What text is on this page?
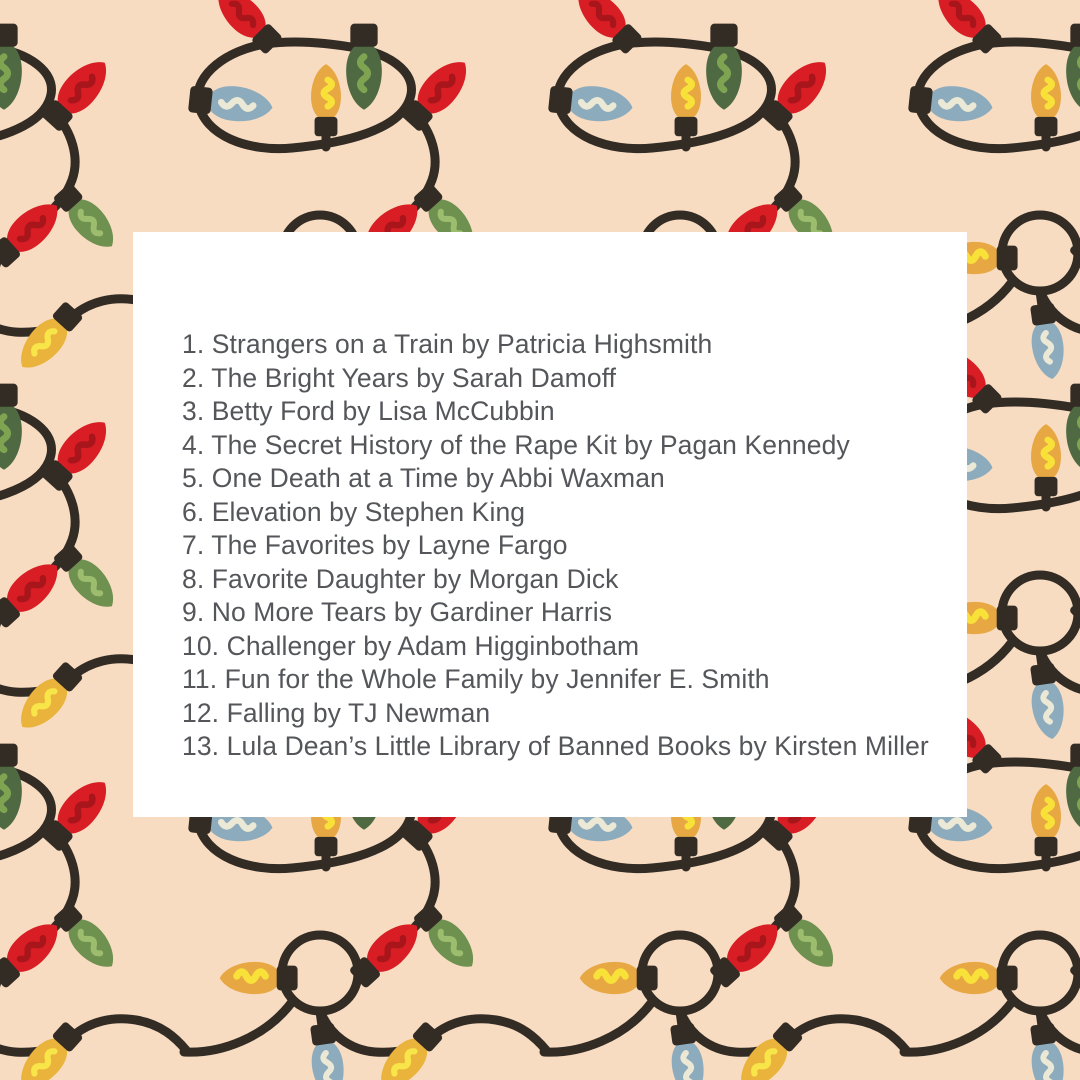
1. Strangers on a Train by Patricia Highsmith
2. The Bright Years by Sarah Damoff
3. Betty Ford by Lisa McCubbin
4. The Secret History of the Rape Kit by Pagan Kennedy
5. One Death at a Time by Abbi Waxman
6. Elevation by Stephen King
7. The Favorites by Layne Fargo
8. Favorite Daughter by Morgan Dick
9. No More Tears by Gardiner Harris
10. Challenger by Adam Higginbotham
11. Fun for the Whole Family by Jennifer E. Smith
12. Falling by TJ Newman
13. Lula Dean’s Little Library of Banned Books by Kirsten Miller
